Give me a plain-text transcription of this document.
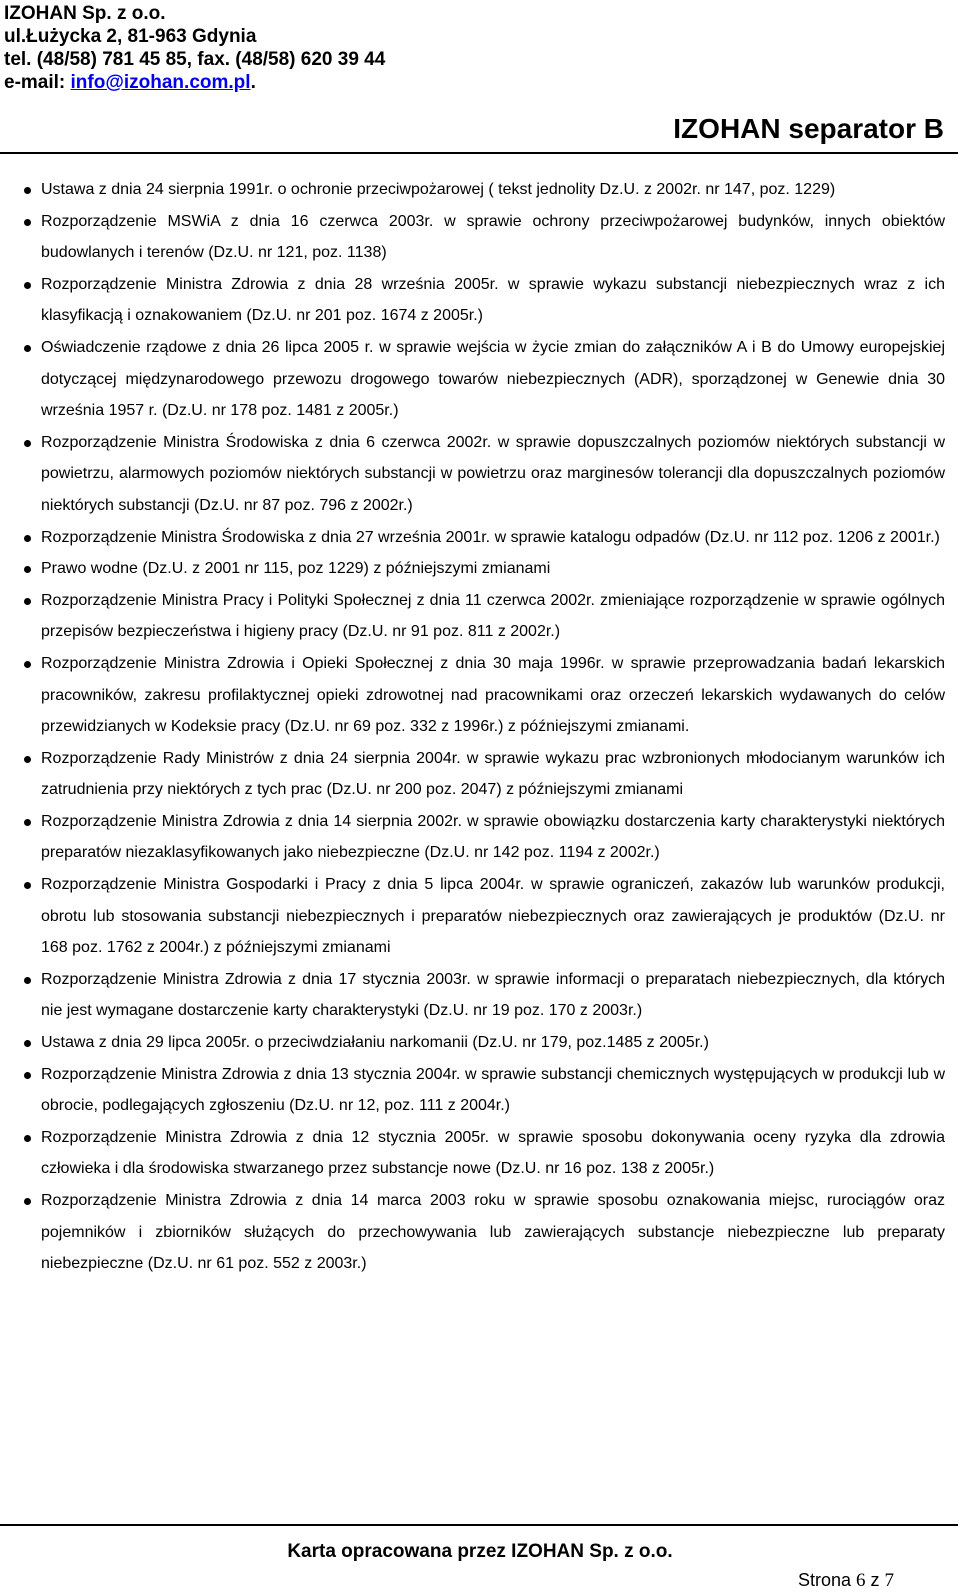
IZOHAN Sp. z o.o.
ul.Łużycka 2, 81-963 Gdynia
tel. (48/58) 781 45 85, fax. (48/58) 620 39 44
e-mail: info@izohan.com.pl.
IZOHAN separator B
Ustawa z dnia 24 sierpnia 1991r. o ochronie przeciwpożarowej ( tekst jednolity Dz.U. z 2002r. nr 147, poz. 1229)
Rozporządzenie MSWiA z dnia 16 czerwca 2003r. w sprawie ochrony przeciwpożarowej budynków, innych obiektów budowlanych i terenów (Dz.U. nr 121, poz. 1138)
Rozporządzenie Ministra Zdrowia z dnia 28 września 2005r. w sprawie wykazu substancji niebezpiecznych wraz z ich klasyfikacją i oznakowaniem (Dz.U. nr 201 poz. 1674 z 2005r.)
Oświadczenie rządowe z dnia 26 lipca 2005 r. w sprawie wejścia w życie zmian do załączników A i B do Umowy europejskiej dotyczącej międzynarodowego przewozu drogowego towarów niebezpiecznych (ADR), sporządzonej w Genewie dnia 30 września 1957 r. (Dz.U. nr 178 poz. 1481 z 2005r.)
Rozporządzenie Ministra Środowiska z dnia 6 czerwca 2002r. w sprawie dopuszczalnych poziomów niektórych substancji w powietrzu, alarmowych poziomów niektórych substancji w powietrzu oraz marginesów tolerancji dla dopuszczalnych poziomów niektórych substancji (Dz.U. nr 87 poz. 796 z 2002r.)
Rozporządzenie Ministra Środowiska z dnia 27 września 2001r. w sprawie katalogu odpadów (Dz.U. nr 112 poz. 1206 z 2001r.)
Prawo wodne (Dz.U. z 2001 nr 115, poz 1229) z późniejszymi zmianami
Rozporządzenie Ministra Pracy i Polityki Społecznej z dnia 11 czerwca 2002r. zmieniające rozporządzenie w sprawie ogólnych przepisów bezpieczeństwa i higieny pracy (Dz.U. nr 91 poz. 811 z 2002r.)
Rozporządzenie Ministra Zdrowia i Opieki Społecznej z dnia 30 maja 1996r. w sprawie przeprowadzania badań lekarskich pracowników, zakresu profilaktycznej opieki zdrowotnej nad pracownikami oraz orzeczeń lekarskich wydawanych do celów przewidzianych w Kodeksie pracy (Dz.U. nr 69 poz. 332 z 1996r.) z późniejszymi zmianami.
Rozporządzenie Rady Ministrów z dnia 24 sierpnia 2004r. w sprawie wykazu prac wzbronionych młodocianym warunków ich zatrudnienia przy niektórych z tych prac (Dz.U. nr 200 poz. 2047) z późniejszymi zmianami
Rozporządzenie Ministra Zdrowia z dnia 14 sierpnia 2002r. w sprawie obowiązku dostarczenia karty charakterystyki niektórych preparatów niezaklasyfikowanych jako niebezpieczne (Dz.U. nr 142 poz. 1194 z 2002r.)
Rozporządzenie Ministra Gospodarki i Pracy z dnia 5 lipca 2004r. w sprawie ograniczeń, zakazów lub warunków produkcji, obrotu lub stosowania substancji niebezpiecznych i preparatów niebezpiecznych oraz zawierających je produktów (Dz.U. nr 168 poz. 1762 z 2004r.) z późniejszymi zmianami
Rozporządzenie Ministra Zdrowia z dnia 17 stycznia 2003r. w sprawie informacji o preparatach niebezpiecznych, dla których nie jest wymagane dostarczenie karty charakterystyki (Dz.U. nr 19 poz. 170 z 2003r.)
Ustawa z dnia 29 lipca 2005r. o przeciwdziałaniu narkomanii (Dz.U. nr 179, poz.1485 z 2005r.)
Rozporządzenie Ministra Zdrowia z dnia 13 stycznia 2004r. w sprawie substancji chemicznych występujących w produkcji lub w obrocie, podlegających zgłoszeniu (Dz.U. nr 12, poz. 111 z 2004r.)
Rozporządzenie Ministra Zdrowia z dnia 12 stycznia 2005r. w sprawie sposobu dokonywania oceny ryzyka dla zdrowia człowieka i dla środowiska stwarzanego przez substancje nowe (Dz.U. nr 16 poz. 138 z 2005r.)
Rozporządzenie Ministra Zdrowia z dnia 14 marca 2003 roku w sprawie sposobu oznakowania miejsc, rurociągów oraz pojemników i zbiorników służących do przechowywania lub zawierających substancje niebezpieczne lub preparaty niebezpieczne (Dz.U. nr 61 poz. 552 z 2003r.)
Karta opracowana przez IZOHAN Sp. z o.o.
Strona 6 z 7
